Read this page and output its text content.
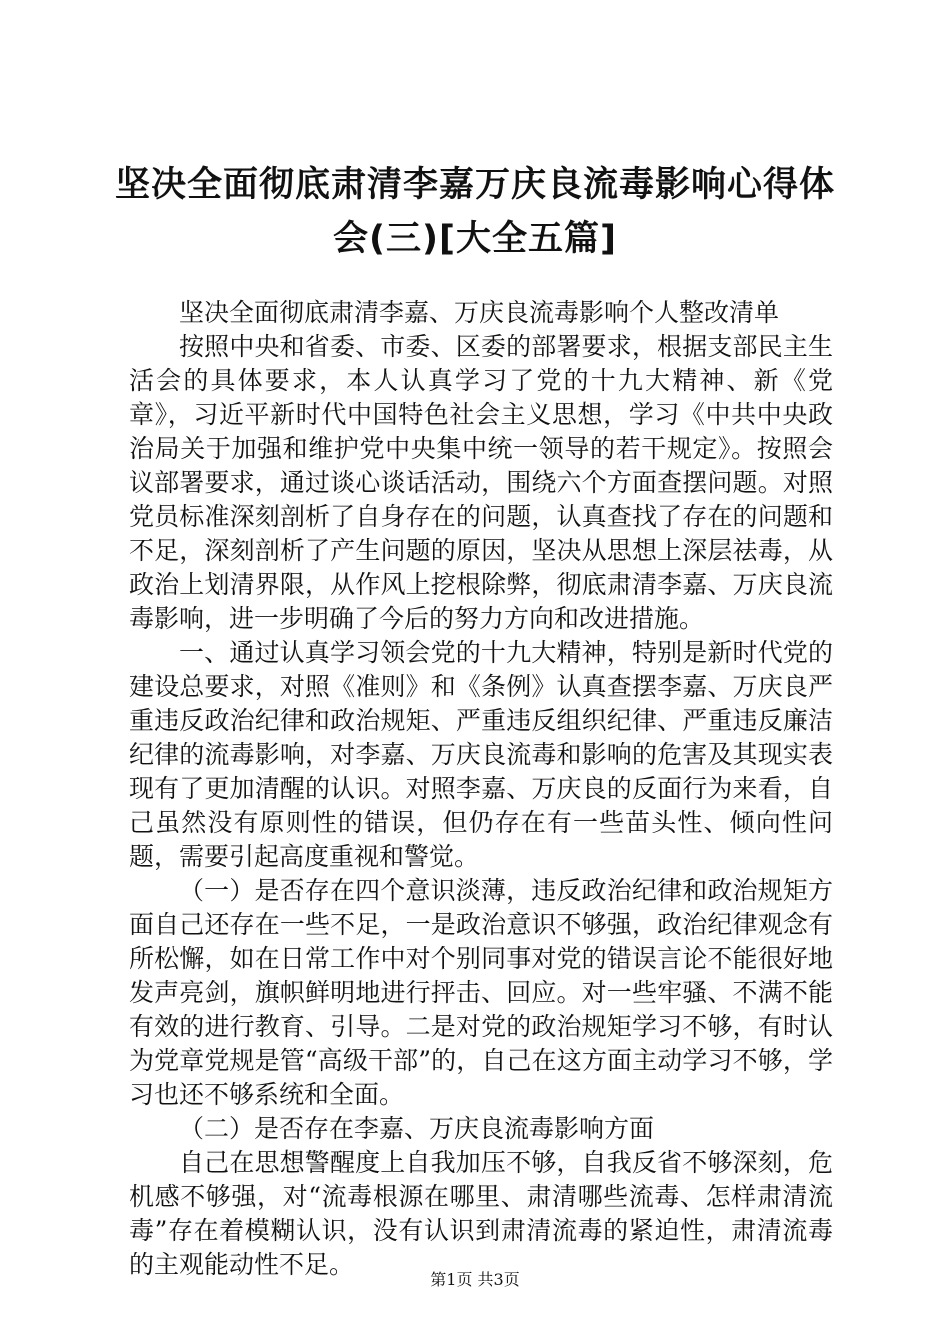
坚决全面彻底肃清李嘉万庆良流毒影响心得体
会(三)[大全五篇]

坚决全面彻底肃清李嘉、万庆良流毒影响个人整改清单

按照中央和省委、市委、区委的部署要求，根据支部民主生活会的具体要求，本人认真学习了党的十九大精神、新《党章》，习近平新时代中国特色社会主义思想，学习《中共中央政治局关于加强和维护党中央集中统一领导的若干规定》。按照会议部署要求，通过谈心谈话活动，围绕六个方面查摆问题。对照党员标准深刻剖析了自身存在的问题，认真查找了存在的问题和不足，深刻剖析了产生问题的原因，坚决从思想上深层祛毒，从政治上划清界限，从作风上挖根除弊，彻底肃清李嘉、万庆良流毒影响，进一步明确了今后的努力方向和改进措施。

一、通过认真学习领会党的十九大精神，特别是新时代党的建设总要求，对照《准则》和《条例》认真查摆李嘉、万庆良严重违反政治纪律和政治规矩、严重违反组织纪律、严重违反廉洁纪律的流毒影响，对李嘉、万庆良流毒和影响的危害及其现实表现有了更加清醒的认识。对照李嘉、万庆良的反面行为来看，自己虽然没有原则性的错误，但仍存在有一些苗头性、倾向性问题，需要引起高度重视和警觉。

（一）是否存在四个意识淡薄，违反政治纪律和政治规矩方面自己还存在一些不足，一是政治意识不够强，政治纪律观念有所松懈，如在日常工作中对个别同事对党的错误言论不能很好地发声亮剑，旗帜鲜明地进行抨击、回应。对一些牢骚、不满不能有效的进行教育、引导。二是对党的政治规矩学习不够，有时认为党章党规是管“高级干部”的，自己在这方面主动学习不够，学习也还不够系统和全面。

（二）是否存在李嘉、万庆良流毒影响方面

自己在思想警醒度上自我加压不够，自我反省不够深刻，危机感不够强，对“流毒根源在哪里、肃清哪些流毒、怎样肃清流毒”存在着模糊认识，没有认识到肃清流毒的紧迫性，肃清流毒的主观能动性不足。

第1页 共3页
